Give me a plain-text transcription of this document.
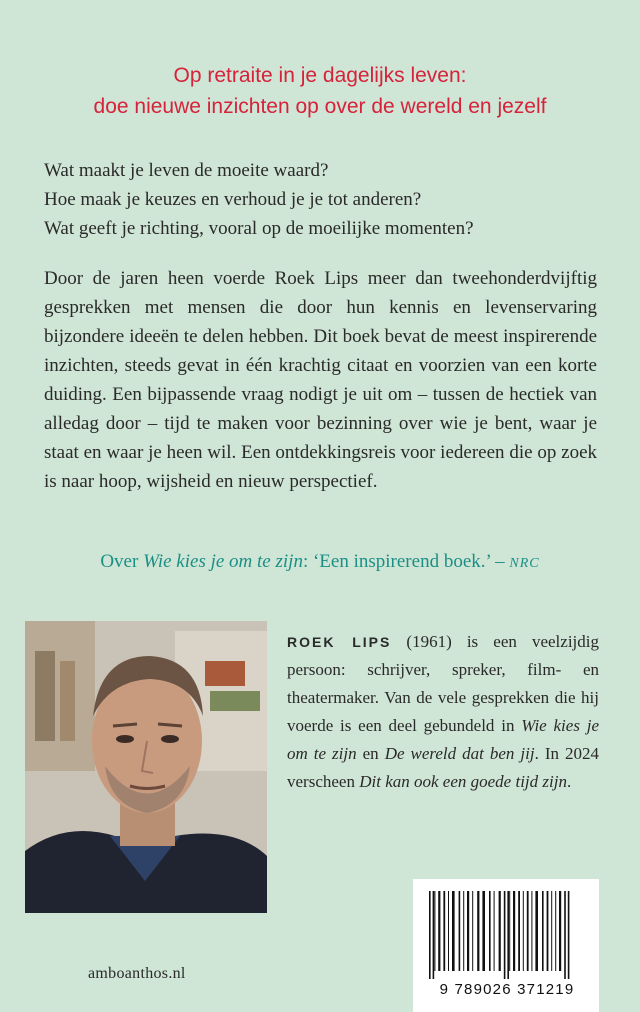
Op retraite in je dagelijks leven:
doe nieuwe inzichten op over de wereld en jezelf
Wat maakt je leven de moeite waard?
Hoe maak je keuzes en verhoud je je tot anderen?
Wat geeft je richting, vooral op de moeilijke momenten?
Door de jaren heen voerde Roek Lips meer dan tweehonderdvijftig gesprekken met mensen die door hun kennis en levenservaring bijzondere ideeën te delen hebben. Dit boek bevat de meest inspirerende inzichten, steeds gevat in één krachtig citaat en voorzien van een korte duiding. Een bijpassende vraag nodigt je uit om – tussen de hectiek van alledag door – tijd te maken voor bezinning over wie je bent, waar je staat en waar je heen wil. Een ontdekkingsreis voor iedereen die op zoek is naar hoop, wijsheid en nieuw perspectief.
Over Wie kies je om te zijn: ‘Een inspirerend boek.’ – NRC
ROEK LIPS (1961) is een veelzijdig persoon: schrijver, spreker, film- en theatermaker. Van de vele gesprekken die hij voerde is een deel gebundeld in Wie kies je om te zijn en De wereld dat ben jij. In 2024 verscheen Dit kan ook een goede tijd zijn.
amboanthos.nl
9 789026 371219
